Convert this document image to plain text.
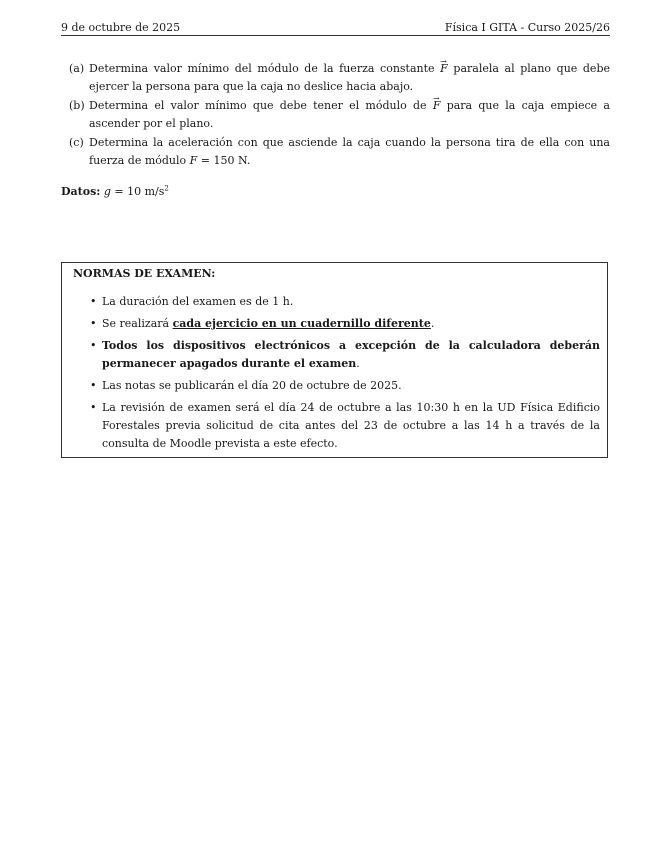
9 de octubre de 2025	Física I GITA - Curso 2025/26
(a) Determina valor mínimo del módulo de la fuerza constante → F paralela al plano que debe ejercer la persona para que la caja no deslice hacia abajo.
(b) Determina el valor mínimo que debe tener el módulo de → F para que la caja empiece a ascender por el plano.
(c) Determina la aceleración con que asciende la caja cuando la persona tira de ella con una fuerza de módulo F = 150 N.
Datos: g = 10 $m/s^2$
NORMAS DE EXAMEN:
• La duración del examen es de 1 h.
• Se realizará cada ejercicio en un cuadernillo diferente.
• Todos los dispositivos electrónicos a excepción de la calculadora deberán permanecer apagados durante el examen.
• Las notas se publicarán el día 20 de octubre de 2025.
• La revisión de examen será el día 24 de octubre a las 10:30 h en la UD Física Edificio Forestales previa solicitud de cita antes del 23 de octubre a las 14 h a través de la consulta de Moodle prevista a este efecto.
